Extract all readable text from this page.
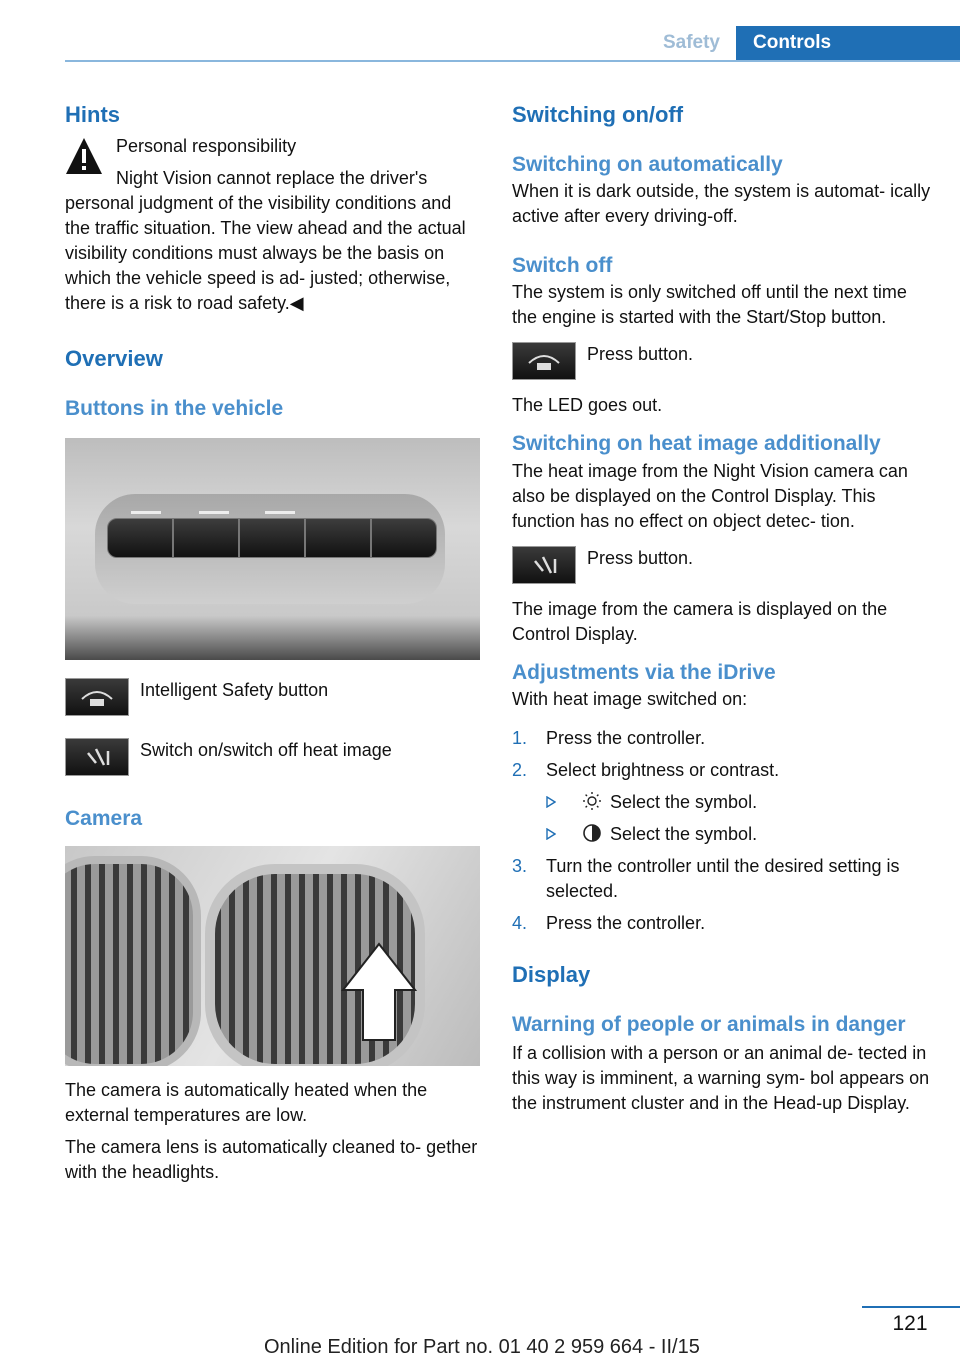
Safety	Controls
Hints

Personal responsibility

Night Vision cannot replace the driver's personal judgment of the visibility conditions and the traffic situation. The view ahead and the actual visibility conditions must always be the basis on which the vehicle speed is ad‐ justed; otherwise, there is a risk to road safety.◀

Overview
Buttons in the vehicle
Intelligent Safety button
Switch on/switch off heat image
Camera

The camera is automatically heated when the external temperatures are low.

The camera lens is automatically cleaned to‐ gether with the headlights.

Switching on/off
Switching on automatically

When it is dark outside, the system is automat‐ ically active after every driving-off.

Switch off

The system is only switched off until the next time the engine is started with the Start/Stop button.

Press button.

The LED goes out.

Switching on heat image additionally

The heat image from the Night Vision camera can also be displayed on the Control Display. This function has no effect on object detec‐ tion.

Press button.

The image from the camera is displayed on the Control Display.

Adjustments via the iDrive

With heat image switched on:

1. Press the controller.
2. Select brightness or contrast.
Select the symbol.
Select the symbol.
3. Turn the controller until the desired setting is selected.
4. Press the controller.
Display
Warning of people or animals in danger

If a collision with a person or an animal de‐ tected in this way is imminent, a warning sym‐ bol appears on the instrument cluster and in the Head-up Display.

121
Online Edition for Part no. 01 40 2 959 664 - II/15
